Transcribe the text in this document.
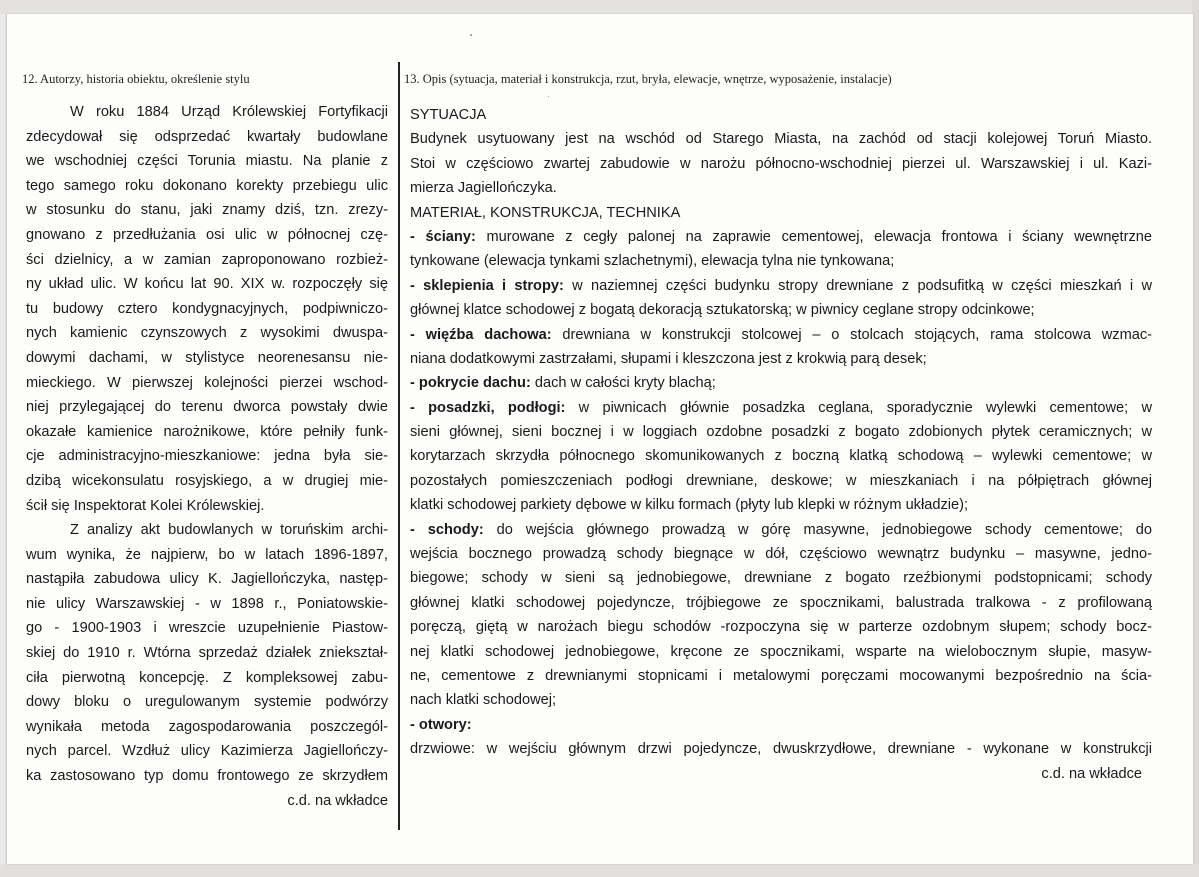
12. Autorzy, historia obiektu, określenie stylu	13. Opis (sytuacja, materiał i konstrukcja, rzut, bryła, elewacje, wnętrze, wyposażenie, instalacje)
W roku 1884 Urząd Królewskiej Fortyfikacji
zdecydował się odsprzedać kwartały budowlane
we wschodniej części Torunia miastu. Na planie z
tego samego roku dokonano korekty przebiegu ulic
w stosunku do stanu, jaki znamy dziś, tzn. zrezy-
gnowano z przedłużania osi ulic w północnej czę-
ści dzielnicy, a w zamian zaproponowano rozbież-
ny układ ulic. W końcu lat 90. XIX w. rozpoczęły się
tu budowy cztero kondygnacyjnych, podpiwniczo-
nych kamienic czynszowych z wysokimi dwuspa-
dowymi dachami, w stylistyce neorenesansu nie-
mieckiego. W pierwszej kolejności pierzei wschod-
niej przylegającej do terenu dworca powstały dwie
okazałe kamienice narożnikowe, które pełniły funk-
cje administracyjno-mieszkaniowe: jedna była sie-
dzibą wicekonsulatu rosyjskiego, a w drugiej mie-
ścił się Inspektorat Kolei Królewskiej.
Z analizy akt budowlanych w toruńskim archi-
wum wynika, że najpierw, bo w latach 1896-1897,
nastąpiła zabudowa ulicy K. Jagiellończyka, następ-
nie ulicy Warszawskiej - w 1898 r., Poniatowskie-
go - 1900-1903 i wreszcie uzupełnienie Piastow-
skiej do 1910 r. Wtórna sprzedaż działek zniekształ-
ciła pierwotną koncepcję. Z kompleksowej zabu-
dowy bloku o uregulowanym systemie podwórzy
wynikała metoda zagospodarowania poszczegól-
nych parcel. Wzdłuż ulicy Kazimierza Jagiellończy-
ka zastosowano typ domu frontowego ze skrzydłem
c.d. na wkładce
SYTUACJA
Budynek usytuowany jest na wschód od Starego Miasta, na zachód od stacji kolejowej Toruń Miasto.
Stoi w częściowo zwartej zabudowie w narożu północno-wschodniej pierzei ul. Warszawskiej i ul. Kazi-
mierza Jagiellończyka.
MATERIAŁ, KONSTRUKCJA, TECHNIKA
- ściany: murowane z cegły palonej na zaprawie cementowej, elewacja frontowa i ściany wewnętrzne
tynkowane (elewacja tynkami szlachetnymi), elewacja tylna nie tynkowana;
- sklepienia i stropy: w naziemnej części budynku stropy drewniane z podsufitką w części mieszkań i w
głównej klatce schodowej z bogatą dekoracją sztukatorską; w piwnicy ceglane stropy odcinkowe;
- więźba dachowa: drewniana w konstrukcji stolcowej – o stolcach stojących, rama stolcowa wzmac-
niana dodatkowymi zastrzałami, słupami i kleszczona jest z krokwią parą desek;
- pokrycie dachu: dach w całości kryty blachą;
- posadzki, podłogi: w piwnicach głównie posadzka ceglana, sporadycznie wylewki cementowe; w
sieni głównej, sieni bocznej i w loggiach ozdobne posadzki z bogato zdobionych płytek ceramicznych; w
korytarzach skrzydła północnego skomunikowanych z boczną klatką schodową – wylewki cementowe; w
pozostałych pomieszczeniach podłogi drewniane, deskowe; w mieszkaniach i na półpiętrach głównej
klatki schodowej parkiety dębowe w kilku formach (płyty lub klepki w różnym układzie);
- schody: do wejścia głównego prowadzą w górę masywne, jednobiegowe schody cementowe; do
wejścia bocznego prowadzą schody biegnące w dół, częściowo wewnątrz budynku – masywne, jedno-
biegowe; schody w sieni są jednobiegowe, drewniane z bogato rzeźbionymi podstopnicami; schody
głównej klatki schodowej pojedyncze, trójbiegowe ze spocznikami, balustrada tralkowa - z profilowaną
poręczą, giętą w narożach biegu schodów -rozpoczyna się w parterze ozdobnym słupem; schody bocz-
nej klatki schodowej jednobiegowe, kręcone ze spocznikami, wsparte na wielobocznym słupie, masyw-
ne, cementowe z drewnianymi stopnicami i metalowymi poręczami mocowanymi bezpośrednio na ścia-
nach klatki schodowej;
- otwory:
drzwiowe: w wejściu głównym drzwi pojedyncze, dwuskrzydłowe, drewniane - wykonane w konstrukcji
c.d. na wkładce
